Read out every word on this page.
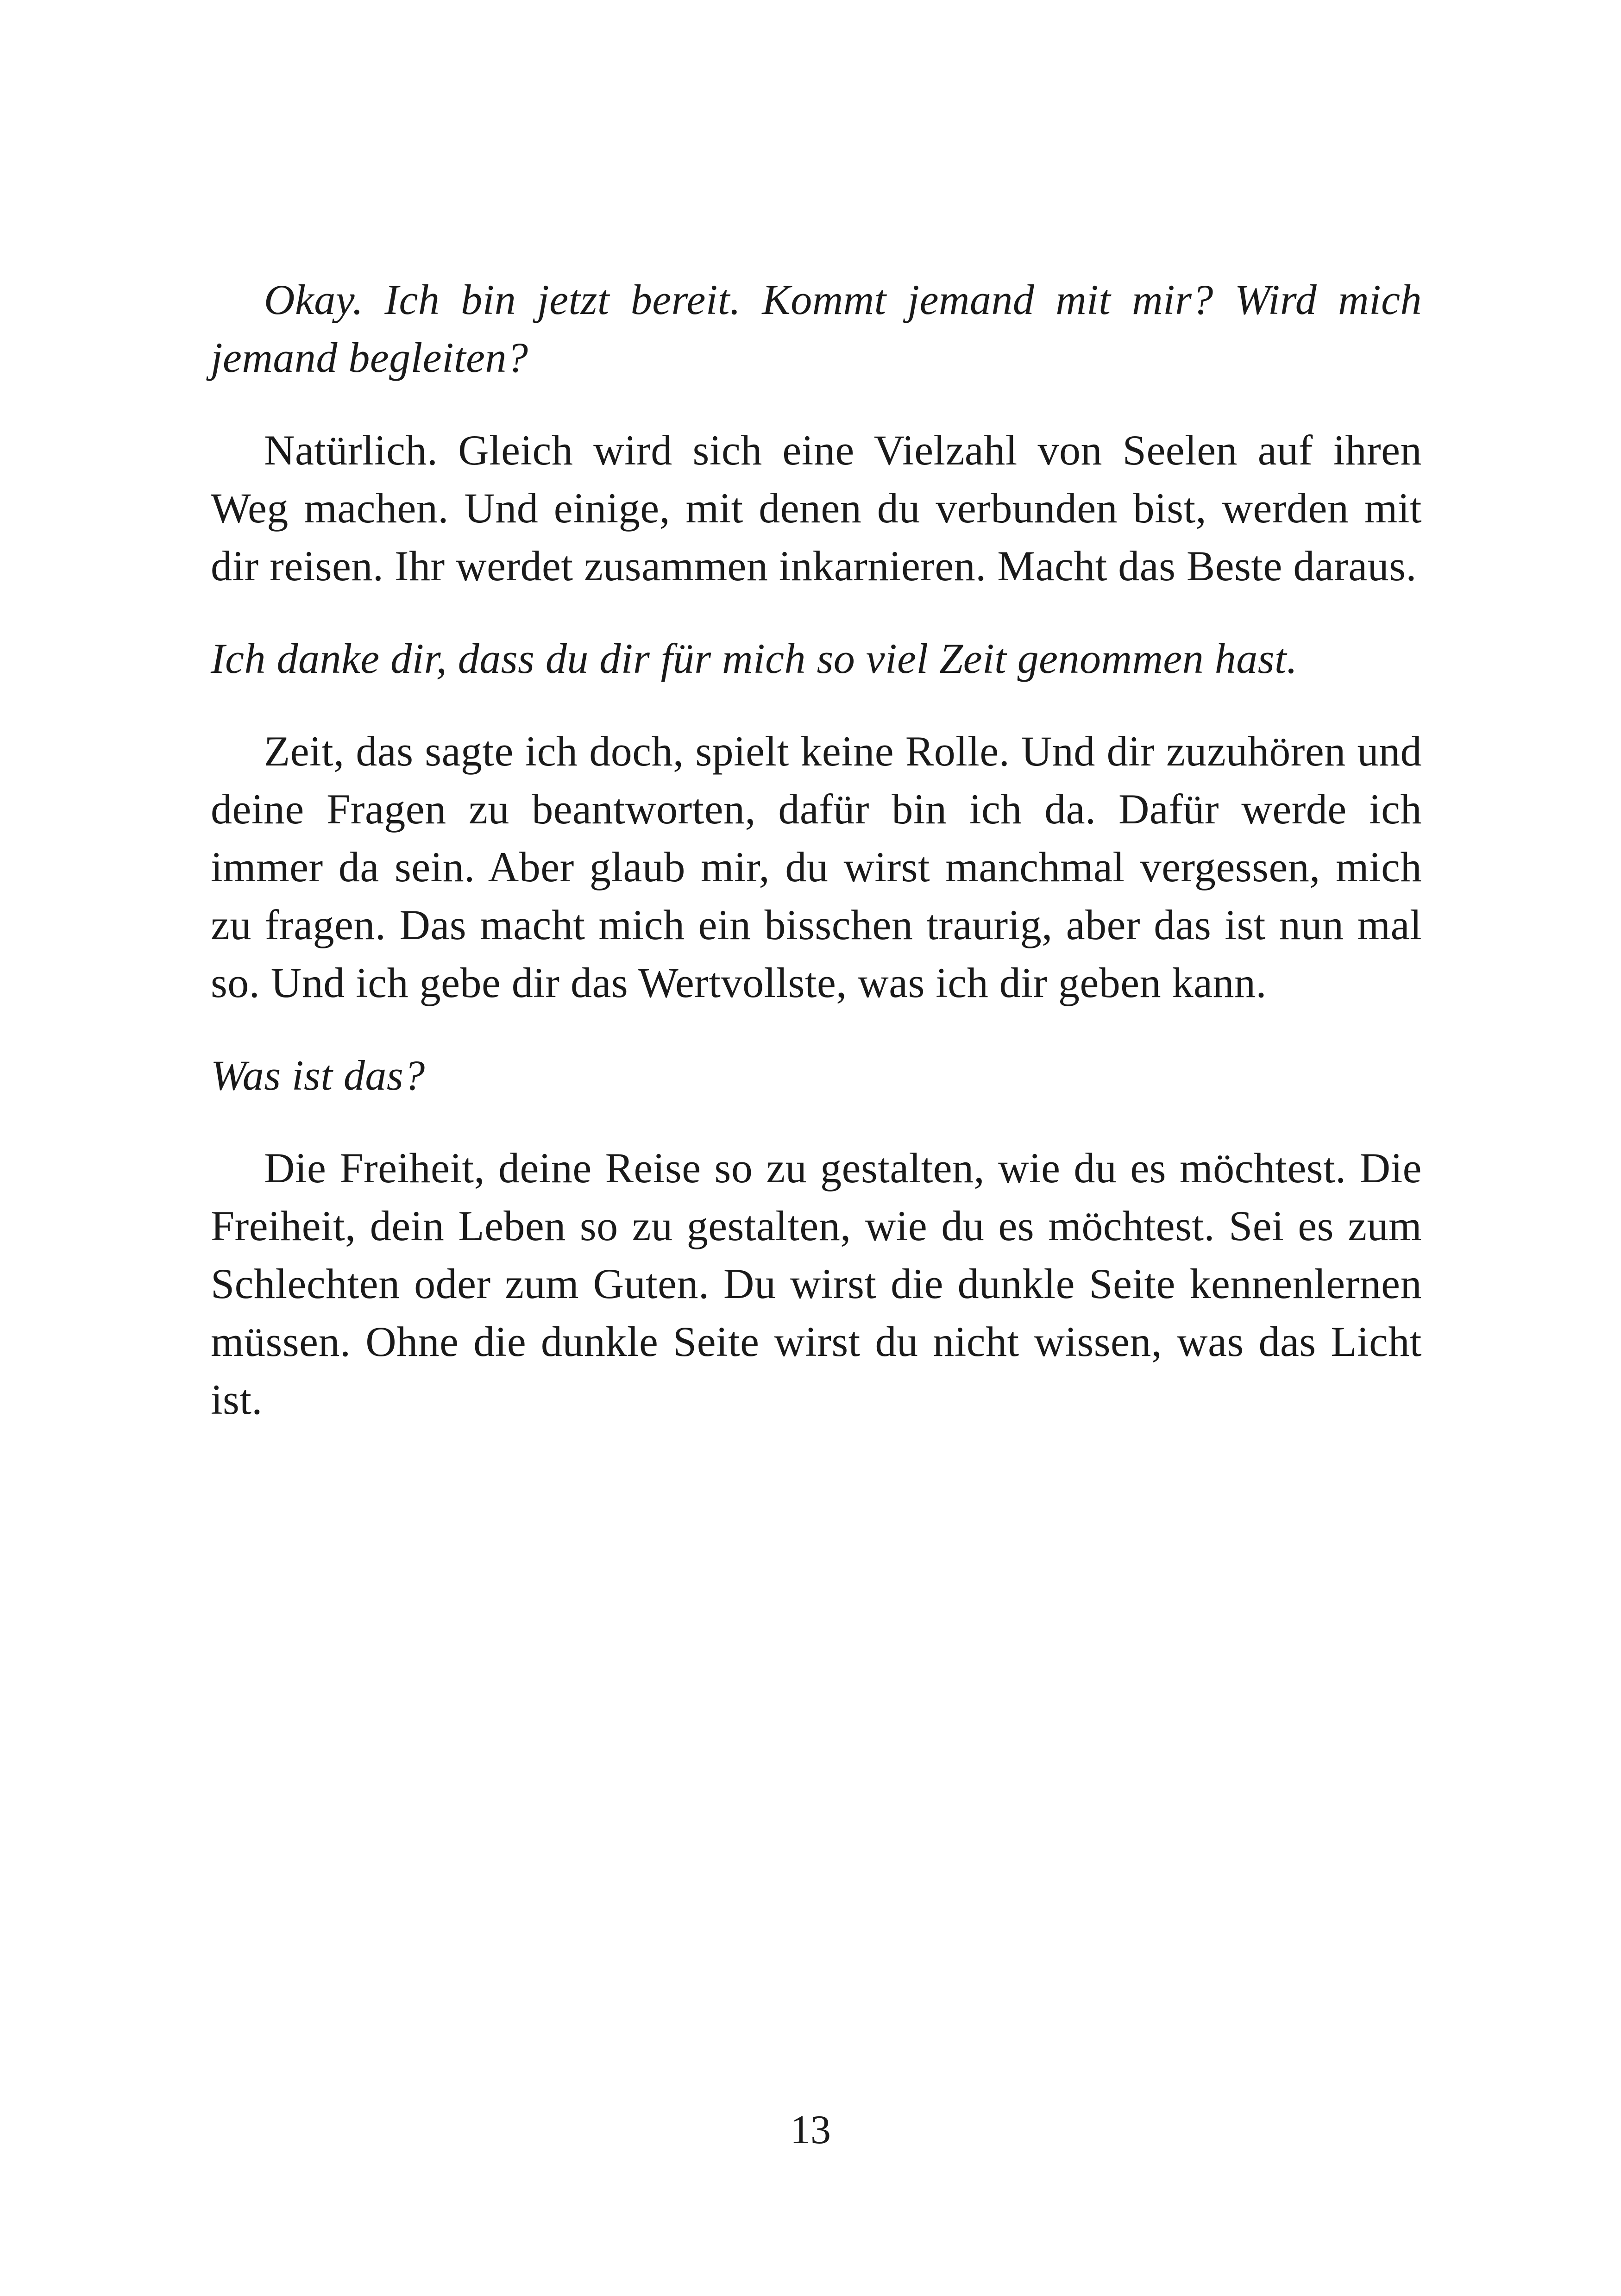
Okay. Ich bin jetzt bereit. Kommt jemand mit mir? Wird mich jemand begleiten?

Natürlich. Gleich wird sich eine Vielzahl von Seelen auf ihren Weg machen. Und einige, mit denen du verbunden bist, werden mit dir reisen. Ihr werdet zusammen inkarnieren. Macht das Beste daraus.

Ich danke dir, dass du dir für mich so viel Zeit genommen hast.

Zeit, das sagte ich doch, spielt keine Rolle. Und dir zuzuhören und deine Fragen zu beantworten, dafür bin ich da. Dafür werde ich immer da sein. Aber glaub mir, du wirst manchmal vergessen, mich zu fragen. Das macht mich ein bisschen traurig, aber das ist nun mal so. Und ich gebe dir das Wertvollste, was ich dir geben kann.

Was ist das?

Die Freiheit, deine Reise so zu gestalten, wie du es möchtest. Die Freiheit, dein Leben so zu gestalten, wie du es möchtest. Sei es zum Schlechten oder zum Guten. Du wirst die dunkle Seite kennenlernen müssen. Ohne die dunkle Seite wirst du nicht wissen, was das Licht ist.

13
